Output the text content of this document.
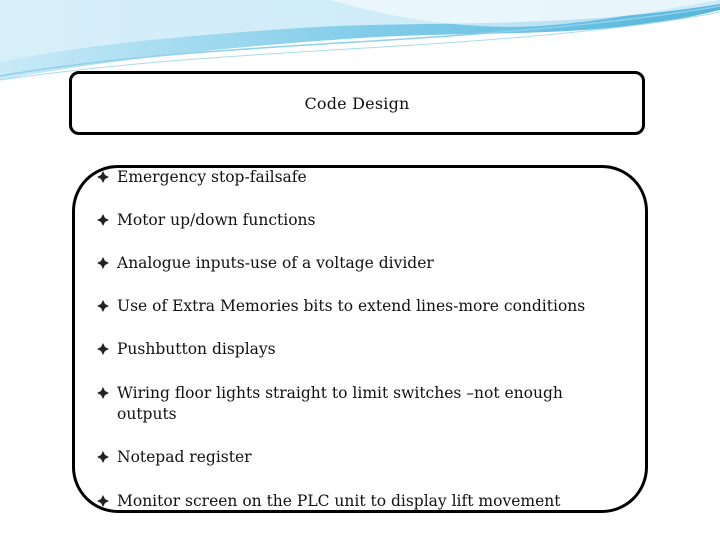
Code Design
Emergency stop-failsafe
Motor up/down functions
Analogue inputs-use of a voltage divider
Use of Extra Memories bits to extend lines-more conditions
Pushbutton displays
Wiring floor lights straight to limit switches –not enough outputs
Notepad register
Monitor screen on the PLC unit to display lift movement
